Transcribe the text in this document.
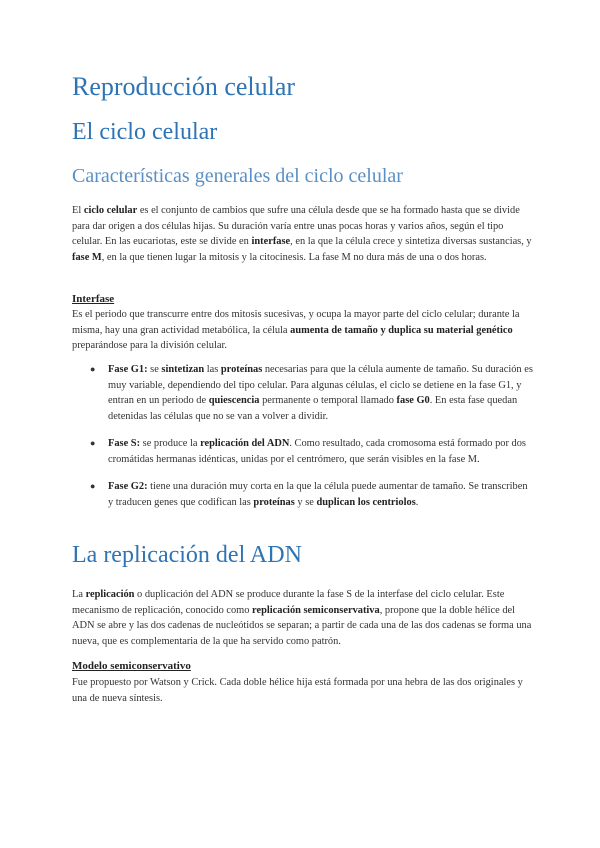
Reproducción celular
El ciclo celular
Características generales del ciclo celular

El ciclo celular es el conjunto de cambios que sufre una célula desde que se ha formado hasta que se divide para dar origen a dos células hijas. Su duración varía entre unas pocas horas y varios años, según el tipo celular. En las eucariotas, este se divide en interfase, en la que la célula crece y sintetiza diversas sustancias, y fase M, en la que tienen lugar la mitosis y la citocinesis. La fase M no dura más de una o dos horas.

Interfase

Es el periodo que transcurre entre dos mitosis sucesivas, y ocupa la mayor parte del ciclo celular; durante la misma, hay una gran actividad metabólica, la célula aumenta de tamaño y duplica su material genético preparándose para la división celular.

● Fase G1: se sintetizan las proteínas necesarias para que la célula aumente de tamaño. Su duración es muy variable, dependiendo del tipo celular. Para algunas células, el ciclo se detiene en la fase G1, y entran en un periodo de quiescencia permanente o temporal llamado fase G0. En esta fase quedan detenidas las células que no se van a volver a dividir.
● Fase S: se produce la replicación del ADN. Como resultado, cada cromosoma está formado por dos cromátidas hermanas idénticas, unidas por el centrómero, que serán visibles en la fase M.
● Fase G2: tiene una duración muy corta en la que la célula puede aumentar de tamaño. Se transcriben y traducen genes que codifican las proteínas y se duplican los centriolos.
La replicación del ADN

La replicación o duplicación del ADN se produce durante la fase S de la interfase del ciclo celular. Este mecanismo de replicación, conocido como replicación semiconservativa, propone que la doble hélice del ADN se abre y las dos cadenas de nucleótidos se separan; a partir de cada una de las dos cadenas se forma una nueva, que es complementaria de la que ha servido como patrón.

Modelo semiconservativo

Fue propuesto por Watson y Crick. Cada doble hélice hija está formada por una hebra de las dos originales y una de nueva síntesis.
